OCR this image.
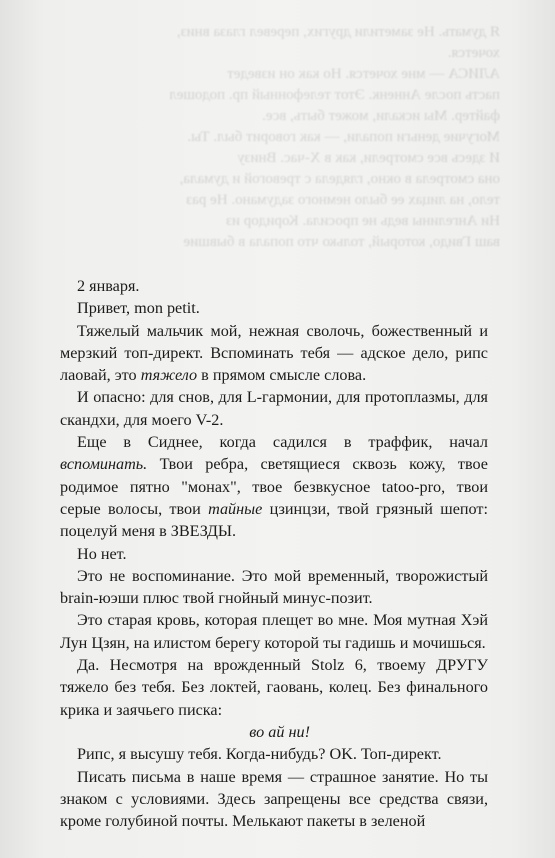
Я думать. Не заметили других, перевел глаза вниз,

хочется.

АЛИСА — мне хочется. Но как он изведет

пасть после Анненк. Этот телефонный пр. подошел

файтер. Мы искали, может быть, все.

Могучие деньги попали, — как говорит был. Ты.

И здесь все смотрели, как в X-час. Внизу

она смотрела в окно, глядела с тревогой и думала,

тело, на лицах ее было немного задумано. Не раз

Ни Ангелины ведь не просила. Коридор из

ваш Гвидо, который, только что попала в бывшие

2 января.

Привет, mon petit.

Тяжелый мальчик мой, нежная сволочь, божественный и мерзкий топ-директ. Вспоминать тебя — адское дело, рипс лаовай, это тяжело в прямом смысле слова.

И опасно: для снов, для L-гармонии, для протоплазмы, для скандхи, для моего V-2.

Еще в Сиднее, когда садился в траффик, начал вспоминать. Твои ребра, светящиеся сквозь кожу, твое родимое пятно "монах", твое безвкусное tatoo-pro, твои серые волосы, твои тайные цзинцзи, твой грязный шепот: поцелуй меня в ЗВЕЗДЫ.

Но нет.

Это не воспоминание. Это мой временный, творожистый brain-юэши плюс твой гнойный минус-позит.

Это старая кровь, которая плещет во мне. Моя мутная Хэй Лун Цзян, на илистом берегу которой ты гадишь и мочишься.

Да. Несмотря на врожденный Stolz 6, твоему ДРУГУ тяжело без тебя. Без локтей, гаовань, колец. Без финального крика и заячьего писка:

во ай ни!

Рипс, я высушу тебя. Когда-нибудь? OK. Топ-директ.

Писать письма в наше время — страшное занятие. Но ты знаком с условиями. Здесь запрещены все средства связи, кроме голубиной почты. Мелькают пакеты в зеленой
